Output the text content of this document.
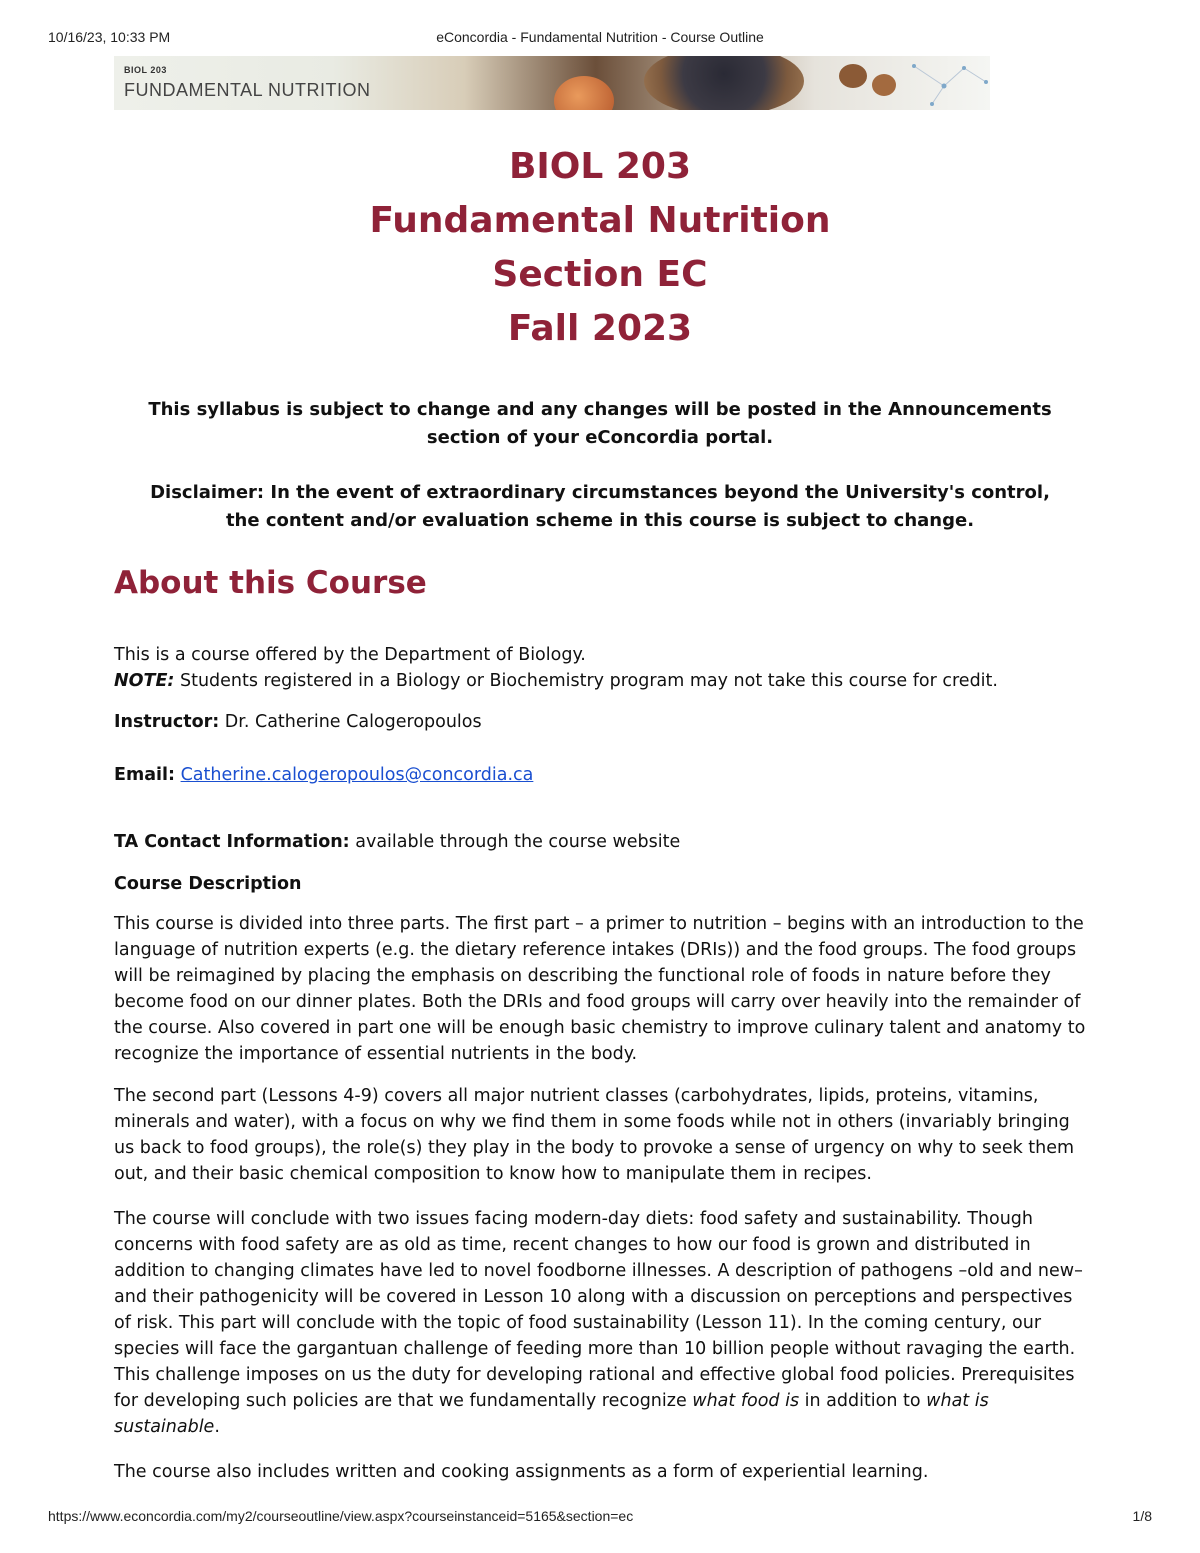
10/16/23, 10:33 PM	eConcordia - Fundamental Nutrition - Course Outline
BIOL 203
FUNDAMENTAL NUTRITION
BIOL 203
Fundamental Nutrition
Section EC
Fall 2023
This syllabus is subject to change and any changes will be posted in the Announcements section of your eConcordia portal.
Disclaimer: In the event of extraordinary circumstances beyond the University's control, the content and/or evaluation scheme in this course is subject to change.
About this Course

This is a course offered by the Department of Biology.

NOTE: Students registered in a Biology or Biochemistry program may not take this course for credit.

Instructor: Dr. Catherine Calogeropoulos

Email: Catherine.calogeropoulos@concordia.ca

TA Contact Information: available through the course website

Course Description

This course is divided into three parts. The first part – a primer to nutrition – begins with an introduction to the language of nutrition experts (e.g. the dietary reference intakes (DRIs)) and the food groups. The food groups will be reimagined by placing the emphasis on describing the functional role of foods in nature before they become food on our dinner plates. Both the DRIs and food groups will carry over heavily into the remainder of the course. Also covered in part one will be enough basic chemistry to improve culinary talent and anatomy to recognize the importance of essential nutrients in the body.

The second part (Lessons 4-9) covers all major nutrient classes (carbohydrates, lipids, proteins, vitamins, minerals and water), with a focus on why we find them in some foods while not in others (invariably bringing us back to food groups), the role(s) they play in the body to provoke a sense of urgency on why to seek them out, and their basic chemical composition to know how to manipulate them in recipes.

The course will conclude with two issues facing modern-day diets: food safety and sustainability. Though concerns with food safety are as old as time, recent changes to how our food is grown and distributed in addition to changing climates have led to novel foodborne illnesses. A description of pathogens –old and new– and their pathogenicity will be covered in Lesson 10 along with a discussion on perceptions and perspectives of risk. This part will conclude with the topic of food sustainability (Lesson 11). In the coming century, our species will face the gargantuan challenge of feeding more than 10 billion people without ravaging the earth. This challenge imposes on us the duty for developing rational and effective global food policies. Prerequisites for developing such policies are that we fundamentally recognize what food is in addition to what is sustainable.

The course also includes written and cooking assignments as a form of experiential learning.

https://www.econcordia.com/my2/courseoutline/view.aspx?courseinstanceid=5165&section=ec	1/8
